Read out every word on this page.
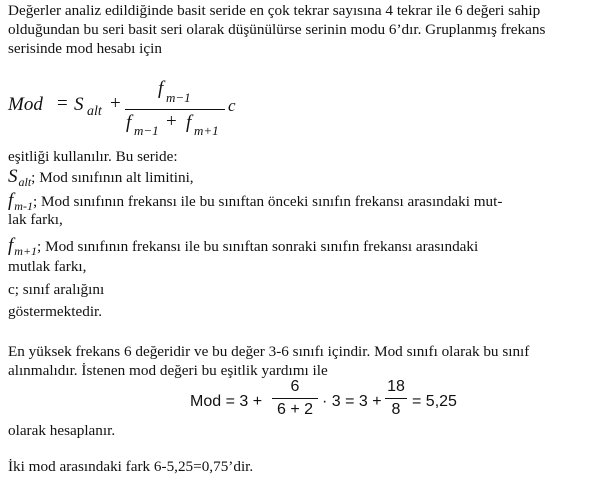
Değerler analiz edildiğinde basit seride en çok tekrar sayısına 4 tekrar ile 6 değeri sahip
olduğundan bu seri basit seri olarak düşünülürse serinin modu 6’dır. Gruplanmış frekans
serisinde mod hesabı için
Mod = S alt +
f m−1
f m−1 + f m+1
c
eşitliği kullanılır. Bu seride:
$S_{alt}$; Mod sınıfının alt limitini,
$f_{m-1}$; Mod sınıfının frekansı ile bu sınıftan önceki sınıfın frekansı arasındaki mut-
lak farkı,
$f_{m+1}$; Mod sınıfının frekansı ile bu sınıftan sonraki sınıfın frekansı arasındaki
mutlak farkı,
c; sınıf aralığını
göstermektedir.
En yüksek frekans 6 değeridir ve bu değer 3-6 sınıfı içindir. Mod sınıfı olarak bu sınıf
alınmalıdır. İstenen mod değeri bu eşitlik yardımı ile
Mod = 3 +
6
6 + 2 · 3 = 3 +
18
8 = 5,25
olarak hesaplanır.
İki mod arasındaki fark 6-5,25=0,75’dir.
